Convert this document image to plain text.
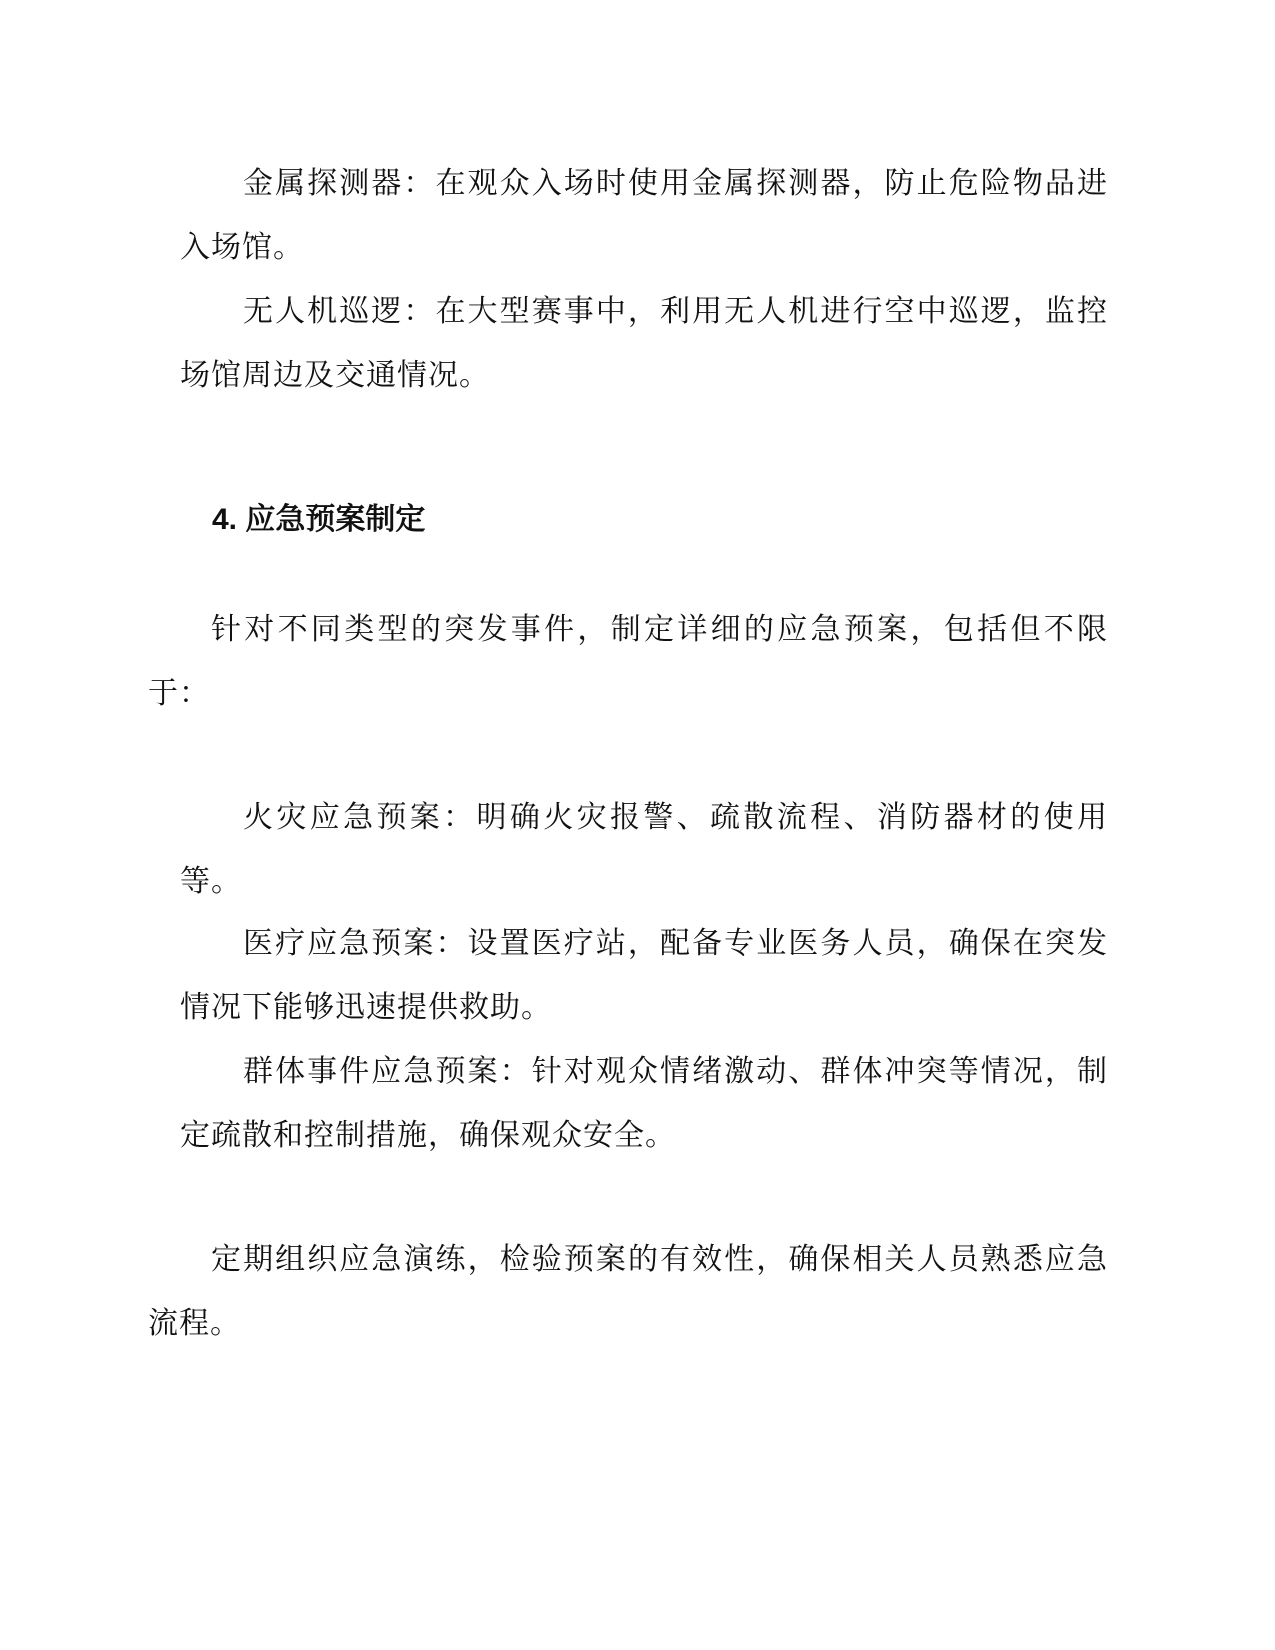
金属探测器：在观众入场时使用金属探测器，防止危险物品进入场馆。

无人机巡逻：在大型赛事中，利用无人机进行空中巡逻，监控场馆周边及交通情况。

4. 应急预案制定

针对不同类型的突发事件，制定详细的应急预案，包括但不限于：

火灾应急预案：明确火灾报警、疏散流程、消防器材的使用等。

医疗应急预案：设置医疗站，配备专业医务人员，确保在突发情况下能够迅速提供救助。

群体事件应急预案：针对观众情绪激动、群体冲突等情况，制定疏散和控制措施，确保观众安全。

定期组织应急演练，检验预案的有效性，确保相关人员熟悉应急流程。
